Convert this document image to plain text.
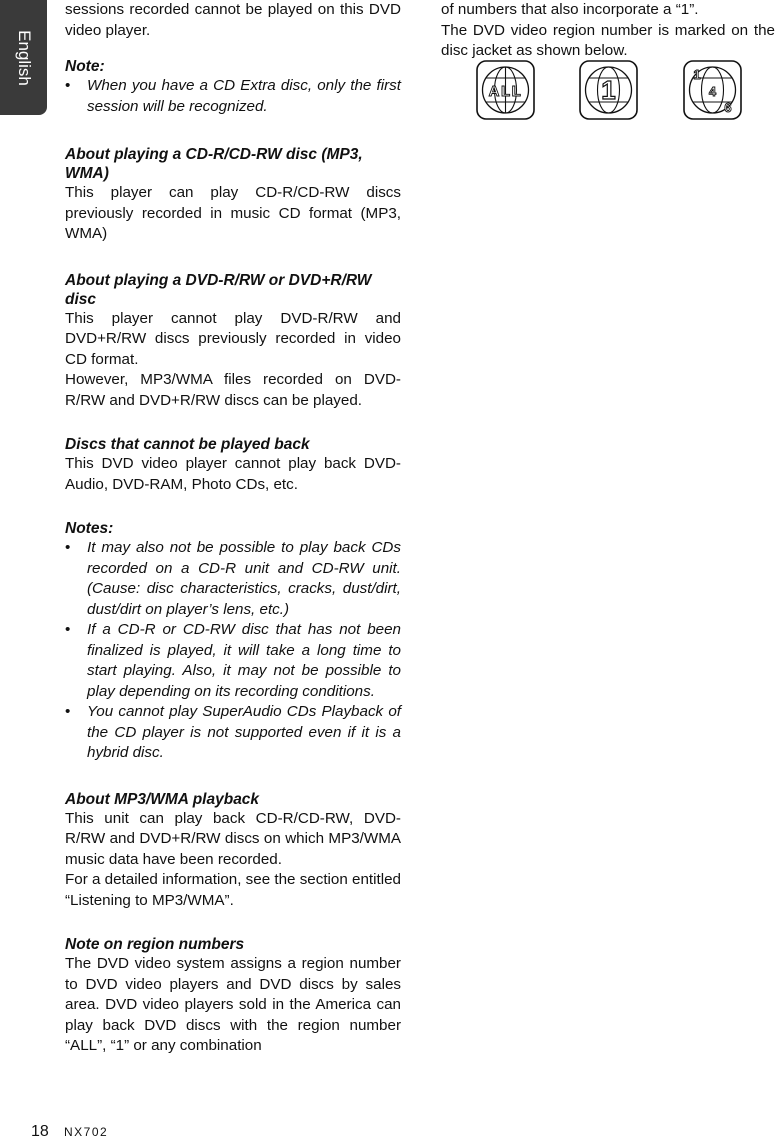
English

sessions recorded cannot be played on this DVD video player.

Note:
• When you have a CD Extra disc, only the first session will be recognized.
About playing a CD-R/CD-RW disc (MP3, WMA)

This player can play CD-R/CD-RW discs previously recorded in music CD format (MP3, WMA)

About playing a DVD-R/RW or DVD+R/RW disc

This player cannot play DVD-R/RW and DVD+R/RW discs previously recorded in video CD format.

However, MP3/WMA files recorded on DVD-R/RW and DVD+R/RW discs can be played.

Discs that cannot be played back

This DVD video player cannot play back DVD-Audio, DVD-RAM, Photo CDs, etc.

Notes:
• It may also not be possible to play back CDs recorded on a CD-R unit and CD-RW unit. (Cause: disc characteristics, cracks, dust/dirt, dust/dirt on player’s lens, etc.)
• If a CD-R or CD-RW disc that has not been finalized is played, it will take a long time to start playing. Also, it may not be possible to play depending on its recording conditions.
• You cannot play SuperAudio CDs Playback of the CD player is not supported even if it is a hybrid disc.
About MP3/WMA playback

This unit can play back CD-R/CD-RW, DVD-R/RW and DVD+R/RW discs on which MP3/WMA music data have been recorded.

For a detailed information, see the section entitled “Listening to MP3/WMA”.

Note on region numbers

The DVD video system assigns a region number to DVD video players and DVD discs by sales area. DVD video players sold in the America can play back DVD discs with the region number “ALL”, “1” or any combination

of numbers that also incorporate a “1”.

The DVD video region number is marked on the disc jacket as shown below.

ALL	1
1
4
6
18 NX702
